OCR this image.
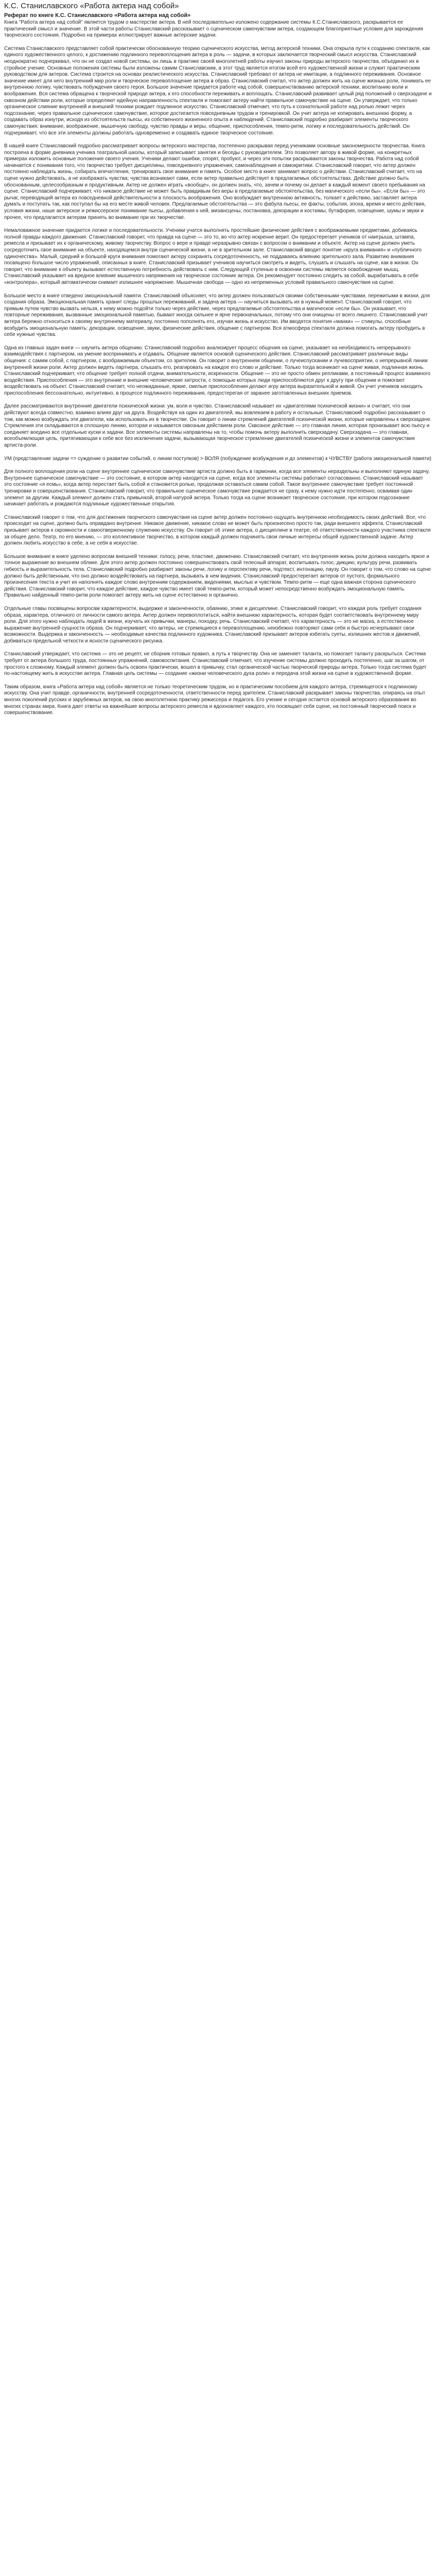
К.С. Станиславского «Работа актера над собой»
Реферат по книге К.С. Станиславского «Работа актера над собой»

Книга "Работа актера над собой" является трудом о мастерстве актера. В ней последовательно изложено содержание системы К.С.Станиславского, раскрывается ее практический смысл и значение. В этой части работы Станиславский рассказывает о сценическом самочувствии актера, создающем благоприятные условия для зарождения творческого состояния. Подробно на примерах иллюстрирует важные актерские задачи.

Система Станиславского представляет собой практически обоснованную теорию сценического искусства, метод актерской техники. Она открыла пути к созданию спектакля, как единого художественного целого, к достижению подлинного перевоплощения актера в роль — задачи, в которых заключается творческий смысл искусства. Станиславский неоднократно подчеркивал, что он не создал новой системы, он лишь в практике своей многолетней работы изучил законы природы актерского творчества, объединил их в стройное учение. Основные положения системы были изложены самим Станиславским, а этот труд является итогом всей его художественной жизни и служит практическим руководством для актеров. Система строится на основах реалистического искусства. Станиславский требовал от актера не имитации, а подлинного переживания. Основное значение имеет для него внутренний мир роли и творческое перевоплощение актера в образ. Станиславский считал, что актер должен жить на сцене жизнью роли, понимать ее внутреннюю логику, чувствовать побуждения своего героя. Большое значение придается работе над собой, совершенствованию актерской техники, воспитанию воли и воображения. Вся система обращена к творческой природе актера, к его способности переживать и воплощать. Станиславский развивает целый ряд положений о сверхзадаче и сквозном действии роли, которые определяют идейную направленность спектакля и помогают актеру найти правильное самочувствие на сцене. Он утверждает, что только органическое слияние внутренней и внешней техники рождает подлинное искусство. Станиславский отмечает, что путь к сознательной работе над ролью лежит через подсознание, через правильное сценическое самочувствие, которое достигается повседневным трудом и тренировкой. Он учит актера не копировать внешнюю форму, а создавать образ изнутри, исходя из обстоятельств пьесы, из собственного жизненного опыта и наблюдений. Станиславский подробно разбирает элементы творческого самочувствия: внимание, воображение, мышечную свободу, чувство правды и веры, общение, приспособления, темпо-ритм, логику и последовательность действий. Он подчеркивает, что все эти элементы должны работать одновременно и создавать единое творческое состояние.

В нашей книге Станиславский подробно рассматривает вопросы актерского мастерства, постепенно раскрывая перед учениками основные закономерности творчества. Книга построена в форме дневника ученика театральной школы, который записывает занятия и беседы с руководителем. Это позволяет автору в живой форме, на конкретных примерах изложить основные положения своего учения. Ученики делают ошибки, спорят, пробуют, и через эти попытки раскрываются законы творчества. Работа над собой начинается с понимания того, что творчество требует дисциплины, повседневного упражнения, самонаблюдения и самокритики. Станиславский говорит, что актер должен постоянно наблюдать жизнь, собирать впечатления, тренировать свое внимание и память. Особое место в книге занимает вопрос о действии. Станиславский считает, что на сцене нужно действовать, а не изображать чувства; чувства возникают сами, если актер правильно действует в предлагаемых обстоятельствах. Действие должно быть обоснованным, целесообразным и продуктивным. Актер не должен играть «вообще», он должен знать, что, зачем и почему он делает в каждый момент своего пребывания на сцене. Станиславский подчеркивает, что никакое действие не может быть правдивым без веры в предлагаемые обстоятельства, без магического «если бы». «Если бы» — это рычаг, переводящий актера из повседневной действительности в плоскость воображения. Оно возбуждает внутреннюю активность, толкает к действию, заставляет актера думать и поступать так, как поступал бы на его месте живой человек. Предлагаемые обстоятельства — это фабула пьесы, ее факты, события, эпоха, время и место действия, условия жизни, наше актерское и режиссерское понимание пьесы, добавления к ней, мизансцены, постановка, декорации и костюмы, бутафория, освещение, шумы и звуки и прочее, что предлагается актерам принять во внимание при их творчестве.

Немаловажное значение придается логике и последовательности. Ученики учатся выполнять простейшие физические действия с воображаемыми предметами, добиваясь полной правды каждого движения. Станиславский говорит, что правда на сцене — это то, во что актер искренне верит. Он предостерегает учеников от наигрыша, штампа, ремесла и призывает их к органическому, живому творчеству. Вопрос о вере и правде неразрывно связан с вопросом о внимании и объекте. Актер на сцене должен уметь сосредоточить свое внимание на объекте, находящемся внутри сценической жизни, а не в зрительном зале. Станиславский вводит понятие «круга внимания» и «публичного одиночества». Малый, средний и большой круги внимания помогают актеру сохранять сосредоточенность, не поддаваясь влиянию зрительного зала. Развитию внимания посвящено большое число упражнений, описанных в книге. Станиславский призывает учеников научиться смотреть и видеть, слушать и слышать на сцене, как в жизни. Он говорит, что внимание к объекту вызывает естественную потребность действовать с ним. Следующей ступенью в освоении системы является освобождение мышц. Станиславский указывает на вредное влияние мышечного напряжения на творческое состояние актера. Он рекомендует постоянно следить за собой, вырабатывать в себе «контролера», который автоматически снимает излишнее напряжение. Мышечная свобода — одно из непременных условий правильного самочувствия на сцене.

Большое место в книге отведено эмоциональной памяти. Станиславский объясняет, что актер должен пользоваться своими собственными чувствами, пережитыми в жизни, для создания образа. Эмоциональная память хранит следы прошлых переживаний, и задача актера — научиться вызывать их в нужный момент. Станиславский говорит, что прямым путем чувство вызвать нельзя, к нему можно подойти только через действие, через предлагаемые обстоятельства и магическое «если бы». Он указывает, что повторные переживания, вызванные эмоциональной памятью, бывают иногда сильнее и ярче первоначальных, потому что они очищены от всего лишнего. Станиславский учит актера бережно относиться к своему внутреннему материалу, постоянно пополнять его, изучая жизнь и искусство. Им вводятся понятия «манки» — стимулы, способные возбудить эмоциональную память: декорации, освещение, звуки, физические действия, общение с партнером. Вся атмосфера спектакля должна помогать актеру пробудить в себе нужные чувства.

Одна из главных задач книги — научить актера общению. Станиславский подробно анализирует процесс общения на сцене, указывает на необходимость непрерывного взаимодействия с партнером, на умение воспринимать и отдавать. Общение является основой сценического действия. Станиславский рассматривает различные виды общения: с самим собой, с партнером, с воображаемым объектом, со зрителем. Он говорит о внутреннем общении, о лучеиспускании и лучевосприятии, о непрерывной линии внутренней жизни роли. Актер должен видеть партнера, слышать его, реагировать на каждое его слово и действие. Только тогда возникает на сцене живая, подлинная жизнь. Станиславский подчеркивает, что общение требует полной отдачи, внимательности, искренности. Общение — это не просто обмен репликами, а постоянный процесс взаимного воздействия. Приспособления — это внутренние и внешние человеческие хитрости, с помощью которых люди приспособляются друг к другу при общении и помогают воздействовать на объект. Станиславский считает, что неожиданные, яркие, смелые приспособления делают игру актера выразительной и живой. Он учит учеников находить приспособления бессознательно, интуитивно, в процессе подлинного переживания, предостерегая от заранее заготовленных внешних приемов.

Далее рассматриваются внутренние двигатели психической жизни: ум, воля и чувство. Станиславский называет их «двигателями психической жизни» и считает, что они действуют всегда совместно, взаимно влияя друг на друга. Воздействуя на один из двигателей, мы вовлекаем в работу и остальные. Станиславский подробно рассказывает о том, как можно возбуждать эти двигатели, как использовать их в творчестве. Он говорит о линии стремлений двигателей психической жизни, которые направлены к сверхзадаче. Стремления эти складываются в сплошную линию, которая и называется сквозным действием роли. Сквозное действие — это главная линия, которая пронизывает всю пьесу и соединяет воедино все отдельные куски и задачи. Все элементы системы направлены на то, чтобы помочь актеру выполнить сверхзадачу. Сверхзадача — это главная, всеобъемлющая цель, притягивающая к себе все без исключения задачи, вызывающая творческое стремление двигателей психической жизни и элементов самочувствия артиста-роли.

УМ (представление задачи => суждение о развитии событий, о линии поступков) > ВОЛЯ (побуждение возбуждения и до элементов) к ЧУВСТВУ (работа эмоциональной памяти)

Для полного воплощения роли на сцене внутреннее сценическое самочувствие артиста должно быть в гармонии, когда все элементы нераздельны и выполняют единую задачу. Внутреннее сценическое самочувствие — это состояние, в котором актер находится на сцене, когда все элементы системы работают согласованно. Станиславский называет это состояние «я есмь», когда актер перестает быть собой и становится ролью, продолжая оставаться самим собой. Такое внутреннее самочувствие требует постоянной тренировки и совершенствования. Станиславский говорит, что правильное сценическое самочувствие рождается не сразу, к нему нужно идти постепенно, осваивая один элемент за другим. Каждый элемент должен стать привычкой, второй натурой актера. Только тогда на сцене возникает творческое состояние, при котором подсознание начинает работать и рождаются подлинные художественные открытия.

Станиславский говорит о том, что для достижения творческого самочувствия на сцене актер должен постоянно ощущать внутреннюю необходимость своих действий. Все, что происходит на сцене, должно быть оправдано внутренне. Никакое движение, никакое слово не может быть произнесено просто так, ради внешнего эффекта. Станиславский призывает актеров к скромности и самоотверженному служению искусству. Он говорит об этике актера, о дисциплине в театре, об ответственности каждого участника спектакля за общее дело. Театр, по его мнению, — это коллективное творчество, в котором каждый должен подчинять свои личные интересы общей художественной задаче. Актер должен любить искусство в себе, а не себя в искусстве.

Большое внимание в книге уделено вопросам внешней техники: голосу, речи, пластике, движению. Станиславский считает, что внутренняя жизнь роли должна находить яркое и точное выражение во внешнем облике. Для этого актер должен постоянно совершенствовать свой телесный аппарат, воспитывать голос, дикцию, культуру речи, развивать гибкость и выразительность тела. Станиславский подробно разбирает законы речи, логику и перспективу речи, подтекст, интонацию, паузу. Он говорит о том, что слово на сцене должно быть действенным, что оно должно воздействовать на партнера, вызывать в нем видения. Станиславский предостерегает актеров от пустого, формального произнесения текста и учит их наполнять каждое слово внутренним содержанием, видениями, мыслью и чувством. Темпо-ритм — еще одна важная сторона сценического действия. Станиславский говорит, что каждое действие, каждое чувство имеет свой темпо-ритм, который может непосредственно возбуждать эмоциональную память. Правильно найденный темпо-ритм роли помогает актеру жить на сцене естественно и органично.

Отдельные главы посвящены вопросам характерности, выдержке и законченности, обаянию, этике и дисциплине. Станиславский говорит, что каждая роль требует создания образа, характера, отличного от личности самого актера. Актер должен перевоплотиться, найти внешнюю характерность, которая будет соответствовать внутреннему миру роли. Для этого нужно наблюдать людей в жизни, изучать их привычки, манеры, походку, речь. Станиславский считает, что характерность — это не маска, а естественное выражение внутренней сущности образа. Он подчеркивает, что актеры, не стремящиеся к перевоплощению, неизбежно повторяют сами себя и быстро исчерпывают свои возможности. Выдержка и законченность — необходимые качества подлинного художника. Станиславский призывает актеров избегать суеты, излишних жестов и движений, добиваться предельной четкости и ясности сценического рисунка.

Станиславский утверждает, что система — это не рецепт, не сборник готовых правил, а путь к творчеству. Она не заменяет таланта, но помогает таланту раскрыться. Система требует от актера большого труда, постоянных упражнений, самовоспитания. Станиславский отмечает, что изучение системы должно проходить постепенно, шаг за шагом, от простого к сложному. Каждый элемент должен быть освоен практически, вошел в привычку, стал органической частью творческой природы актера. Только тогда система будет по-настоящему жить в искусстве актера. Главная цель системы — создание «жизни человеческого духа роли» и передача этой жизни на сцене в художественной форме.

Таким образом, книга «Работа актера над собой» является не только теоретическим трудом, но и практическим пособием для каждого актера, стремящегося к подлинному искусству. Она учит правде, органичности, внутренней сосредоточенности, ответственности перед зрителем. Станиславский раскрывает законы творчества, опираясь на опыт многих поколений русских и зарубежных актеров, на свою многолетнюю практику режиссера и педагога. Его учение и сегодня остается основой актерского образования во многих странах мира. Книга дает ответы на важнейшие вопросы актерского ремесла и вдохновляет каждого, кто посвящает себя сцене, на постоянный творческий поиск и совершенствование.
